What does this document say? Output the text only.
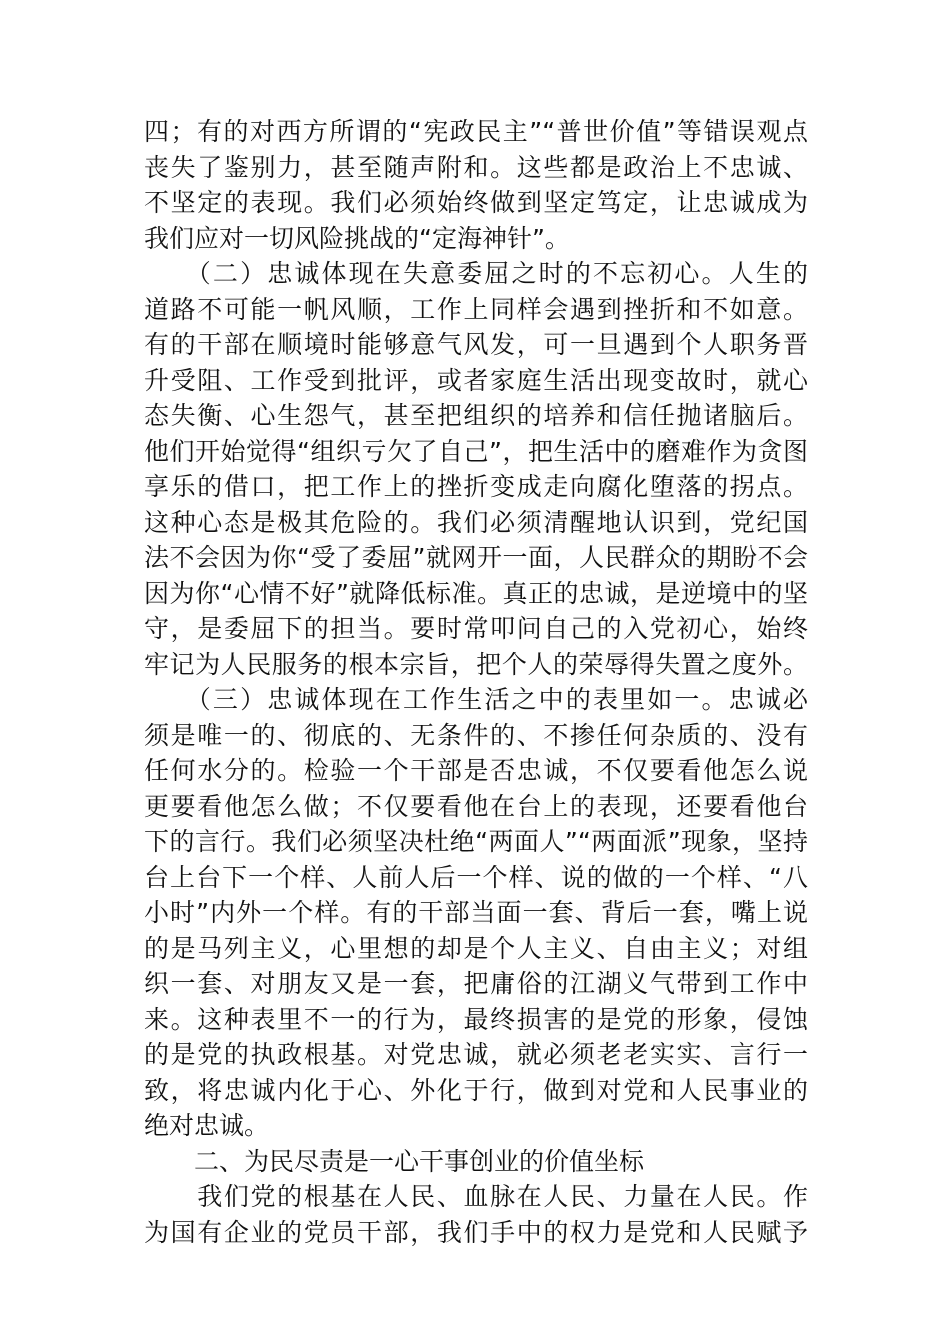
四；有的对西方所谓的“宪政民主”“普世价值”等错误观点
丧失了鉴别力，甚至随声附和。这些都是政治上不忠诚、
不坚定的表现。我们必须始终做到坚定笃定，让忠诚成为
我们应对一切风险挑战的“定海神针”。
　　（二）忠诚体现在失意委屈之时的不忘初心。人生的
道路不可能一帆风顺，工作上同样会遇到挫折和不如意。
有的干部在顺境时能够意气风发，可一旦遇到个人职务晋
升受阻、工作受到批评，或者家庭生活出现变故时，就心
态失衡、心生怨气，甚至把组织的培养和信任抛诸脑后。
他们开始觉得“组织亏欠了自己”，把生活中的磨难作为贪图
享乐的借口，把工作上的挫折变成走向腐化堕落的拐点。
这种心态是极其危险的。我们必须清醒地认识到，党纪国
法不会因为你“受了委屈”就网开一面，人民群众的期盼不会
因为你“心情不好”就降低标准。真正的忠诚，是逆境中的坚
守，是委屈下的担当。要时常叩问自己的入党初心，始终
牢记为人民服务的根本宗旨，把个人的荣辱得失置之度外。
　　（三）忠诚体现在工作生活之中的表里如一。忠诚必
须是唯一的、彻底的、无条件的、不掺任何杂质的、没有
任何水分的。检验一个干部是否忠诚，不仅要看他怎么说
更要看他怎么做；不仅要看他在台上的表现，还要看他台
下的言行。我们必须坚决杜绝“两面人”“两面派”现象，坚持
台上台下一个样、人前人后一个样、说的做的一个样、“八
小时”内外一个样。有的干部当面一套、背后一套，嘴上说
的是马列主义，心里想的却是个人主义、自由主义；对组
织一套、对朋友又是一套，把庸俗的江湖义气带到工作中
来。这种表里不一的行为，最终损害的是党的形象，侵蚀
的是党的执政根基。对党忠诚，就必须老老实实、言行一
致，将忠诚内化于心、外化于行，做到对党和人民事业的
绝对忠诚。
　　二、为民尽责是一心干事创业的价值坐标
　　我们党的根基在人民、血脉在人民、力量在人民。作
为国有企业的党员干部，我们手中的权力是党和人民赋予
